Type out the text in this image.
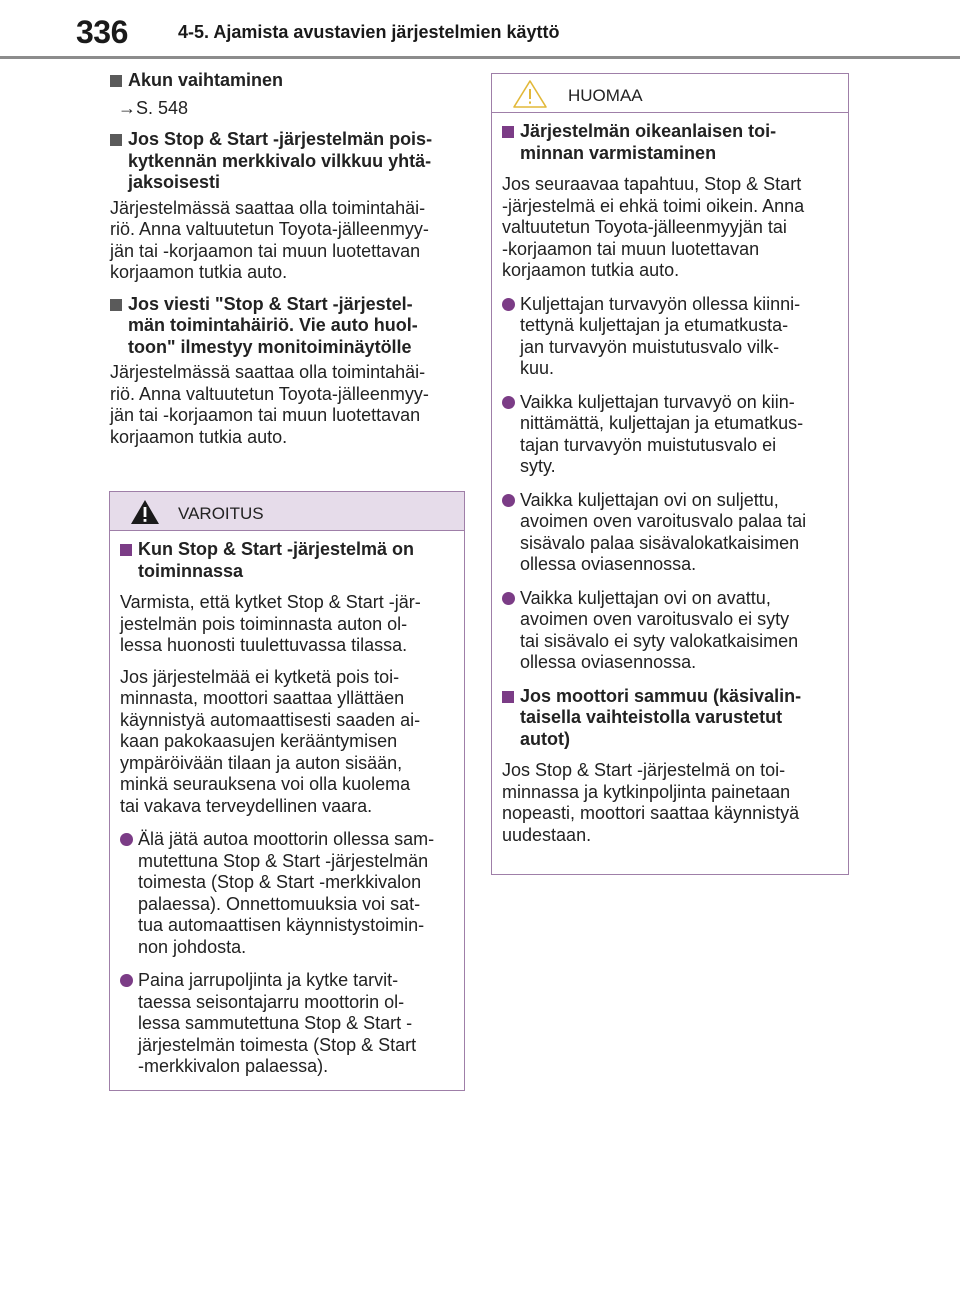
336	4-5. Ajamista avustavien järjestelmien käyttö
Akun vaihtaminen
→S. 548
Jos Stop & Start -järjestelmän pois-
kytkennän merkkivalo vilkkuu yhtä-
jaksoisesti
Järjestelmässä saattaa olla toimintahäi-
riö. Anna valtuutetun Toyota-jälleenmyy-
jän tai -korjaamon tai muun luotettavan
korjaamon tutkia auto.
Jos viesti "Stop & Start -järjestel-
män toimintahäiriö. Vie auto huol-
toon" ilmestyy monitoiminäytölle
Järjestelmässä saattaa olla toimintahäi-
riö. Anna valtuutetun Toyota-jälleenmyy-
jän tai -korjaamon tai muun luotettavan
korjaamon tutkia auto.
VAROITUS
Kun Stop & Start -järjestelmä on
toiminnassa
Varmista, että kytket Stop & Start -jär-
jestelmän pois toiminnasta auton ol-
lessa huonosti tuulettuvassa tilassa.
Jos järjestelmää ei kytketä pois toi-
minnasta, moottori saattaa yllättäen
käynnistyä automaattisesti saaden ai-
kaan pakokaasujen kerääntymisen
ympäröivään tilaan ja auton sisään,
minkä seurauksena voi olla kuolema
tai vakava terveydellinen vaara.
Älä jätä autoa moottorin ollessa sam-
mutettuna Stop & Start -järjestelmän
toimesta (Stop & Start -merkkivalon
palaessa). Onnettomuuksia voi sat-
tua automaattisen käynnistystoimin-
non johdosta.
Paina jarrupoljinta ja kytke tarvit-
taessa seisontajarru moottorin ol-
lessa sammutettuna Stop & Start -
järjestelmän toimesta (Stop & Start
-merkkivalon palaessa).
HUOMAA
Järjestelmän oikeanlaisen toi-
minnan varmistaminen
Jos seuraavaa tapahtuu, Stop & Start
-järjestelmä ei ehkä toimi oikein. Anna
valtuutetun Toyota-jälleenmyyjän tai
-korjaamon tai muun luotettavan
korjaamon tutkia auto.
Kuljettajan turvavyön ollessa kiinni-
tettynä kuljettajan ja etumatkusta-
jan turvavyön muistutusvalo vilk-
kuu.
Vaikka kuljettajan turvavyö on kiin-
nittämättä, kuljettajan ja etumatkus-
tajan turvavyön muistutusvalo ei
syty.
Vaikka kuljettajan ovi on suljettu,
avoimen oven varoitusvalo palaa tai
sisävalo palaa sisävalokatkaisimen
ollessa oviasennossa.
Vaikka kuljettajan ovi on avattu,
avoimen oven varoitusvalo ei syty
tai sisävalo ei syty valokatkaisimen
ollessa oviasennossa.
Jos moottori sammuu (käsivalin-
taisella vaihteistolla varustetut
autot)
Jos Stop & Start -järjestelmä on toi-
minnassa ja kytkinpoljinta painetaan
nopeasti, moottori saattaa käynnistyä
uudestaan.
